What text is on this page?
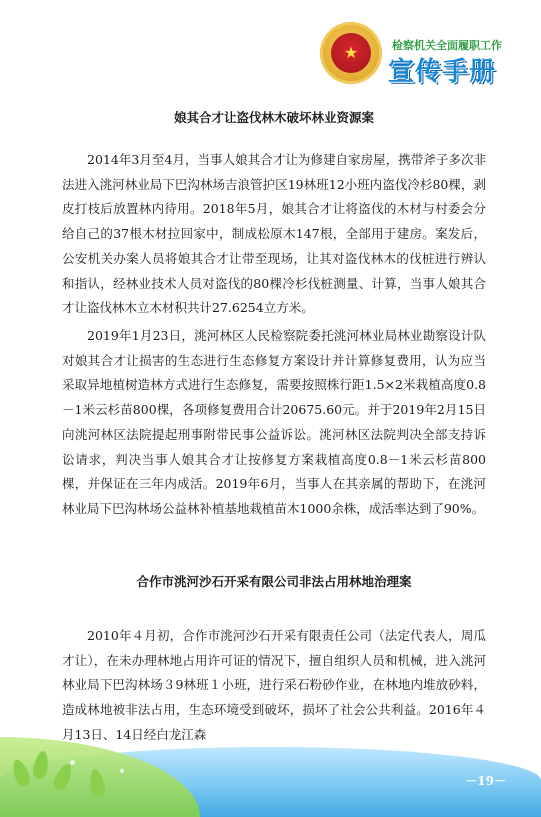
★	检察机关全面履职工作
宣传手册
娘其合才让盗伐林木破坏林业资源案

2014年3月至4月，当事人娘其合才让为修建自家房屋，携带斧子多次非法进入洮河林业局下巴沟林场吉浪管护区19林班12小班内盗伐冷杉80棵，剥皮打枝后放置林内待用。2018年5月，娘其合才让将盗伐的木材与村委会分给自己的37根木材拉回家中，制成松原木147根，全部用于建房。案发后，公安机关办案人员将娘其合才让带至现场，让其对盗伐林木的伐桩进行辨认和指认，经林业技术人员对盗伐的80棵冷杉伐桩测量、计算，当事人娘其合才让盗伐林木立木材积共计27.6254立方米。

2019年1月23日，洮河林区人民检察院委托洮河林业局林业勘察设计队对娘其合才让损害的生态进行生态修复方案设计并计算修复费用，认为应当采取异地植树造林方式进行生态修复，需要按照株行距1.5×2米栽植高度0.8－1米云杉苗800棵，各项修复费用合计20675.60元。并于2019年2月15日向洮河林区法院提起刑事附带民事公益诉讼。洮河林区法院判决全部支持诉讼请求，判决当事人娘其合才让按修复方案栽植高度0.8－1米云杉苗800棵，并保证在三年内成活。2019年6月，当事人在其亲属的帮助下，在洮河林业局下巴沟林场公益林补植基地栽植苗木1000余株，成活率达到了90%。

合作市洮河沙石开采有限公司非法占用林地治理案

2010年４月初，合作市洮河沙石开采有限责任公司（法定代表人，周瓜才让），在未办理林地占用许可证的情况下，擅自组织人员和机械，进入洮河林业局下巴沟林场３9林班１小班，进行采石粉砂作业，在林地内堆放砂料，造成林地被非法占用，生态环境受到破坏，损坏了社会公共利益。2016年４月13日、14日经白龙江森

－19－
